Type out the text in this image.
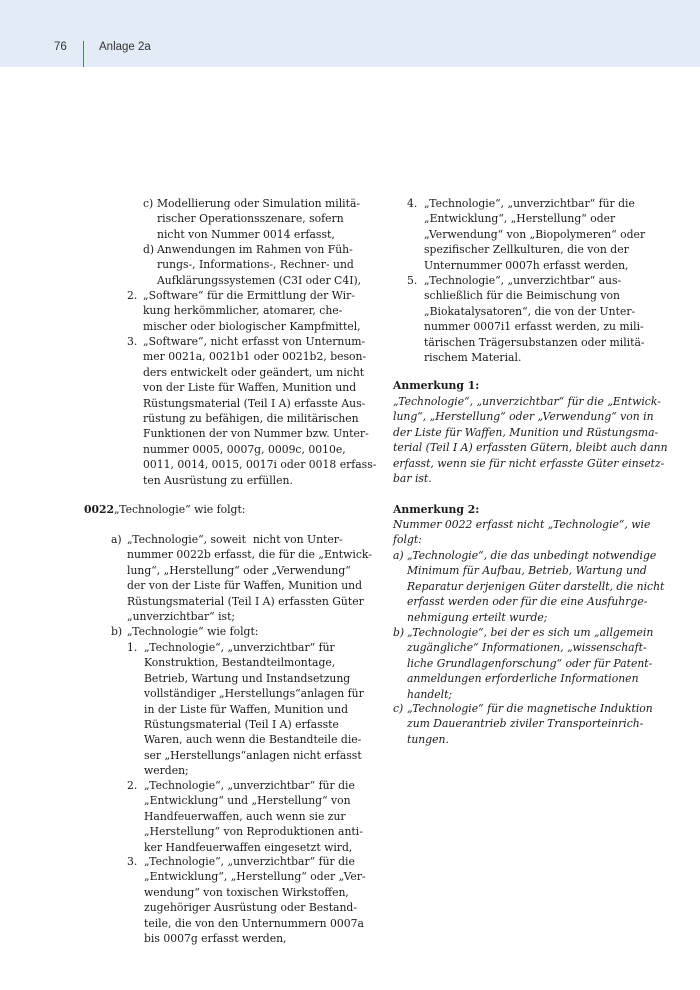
76	Anlage 2a
c) Modellierung oder Simulation militä-
rischer Operationsszenare, sofern
nicht von Nummer 0014 erfasst,
d) Anwendungen im Rahmen von Füh-
rungs-, Informations-, Rechner- und
Aufklärungssystemen (C3I oder C4I),
2. „Software“ für die Ermittlung der Wir-
kung herkömmlicher, atomarer, che-
mischer oder biologischer Kampfmittel,
3. „Software“, nicht erfasst von Unternum-
mer 0021a, 0021b1 oder 0021b2, beson-
ders entwickelt oder geändert, um nicht
von der Liste für Waffen, Munition und
Rüstungsmaterial (Teil I A) erfasste Aus-
rüstung zu befähigen, die militärischen
Funktionen der von Nummer bzw. Unter-
nummer 0005, 0007g, 0009c, 0010e,
0011, 0014, 0015, 0017i oder 0018 erfass-
ten Ausrüstung zu erfüllen.
0022 „Technologie“ wie folgt:
a) „Technologie“, soweit  nicht von Unter-
nummer 0022b erfasst, die für die „Entwick-
lung“, „Herstellung“ oder „Verwendung“
der von der Liste für Waffen, Munition und
Rüstungsmaterial (Teil I A) erfassten Güter
„unverzichtbar“ ist;
b) „Technologie“ wie folgt:
1. „Technologie“, „unverzichtbar“ für
Konstruktion, Bestandteilmontage,
Betrieb, Wartung und Instandsetzung
vollständiger „Herstellungs“anlagen für
in der Liste für Waffen, Munition und
Rüstungsmaterial (Teil I A) erfasste
Waren, auch wenn die Bestandteile die-
ser „Herstellungs“anlagen nicht erfasst
werden;
2. „Technologie“, „unverzichtbar“ für die
„Entwicklung“ und „Herstellung“ von
Handfeuerwaffen, auch wenn sie zur
„Herstellung“ von Reproduktionen anti-
ker Handfeuerwaffen eingesetzt wird,
3. „Technologie“, „unverzichtbar“ für die
„Entwicklung“, „Herstellung“ oder „Ver-
wendung“ von toxischen Wirkstoffen,
zugehöriger Ausrüstung oder Bestand-
teile, die von den Unternummern 0007a
bis 0007g erfasst werden,
4. „Technologie“, „unverzichtbar“ für die
„Entwicklung“, „Herstellung“ oder
„Verwendung“ von „Biopolymeren“ oder
spezifischer Zellkulturen, die von der
Unternummer 0007h erfasst werden,
5. „Technologie“, „unverzichtbar“ aus-
schließlich für die Beimischung von
„Biokatalysatoren“, die von der Unter-
nummer 0007i1 erfasst werden, zu mili-
tärischen Trägersubstanzen oder militä-
rischem Material.
Anmerkung 1:
„Technologie“, „unverzichtbar“ für die „Entwick-
lung“, „Herstellung“ oder „Verwendung“ von in
der Liste für Waffen, Munition und Rüstungsma-
terial (Teil I A) erfassten Gütern, bleibt auch dann
erfasst, wenn sie für nicht erfasste Güter einsetz-
bar ist.
Anmerkung 2:
Nummer 0022 erfasst nicht „Technologie“, wie
folgt:
a) „Technologie“, die das unbedingt notwendige
Minimum für Aufbau, Betrieb, Wartung und
Reparatur derjenigen Güter darstellt, die nicht
erfasst werden oder für die eine Ausfuhrge-
nehmigung erteilt wurde;
b) „Technologie“, bei der es sich um „allgemein
zugängliche“ Informationen, „wissenschaft-
liche Grundlagenforschung“ oder für Patent-
anmeldungen erforderliche Informationen
handelt;
c) „Technologie“ für die magnetische Induktion
zum Dauerantrieb ziviler Transporteinrich-
tungen.
